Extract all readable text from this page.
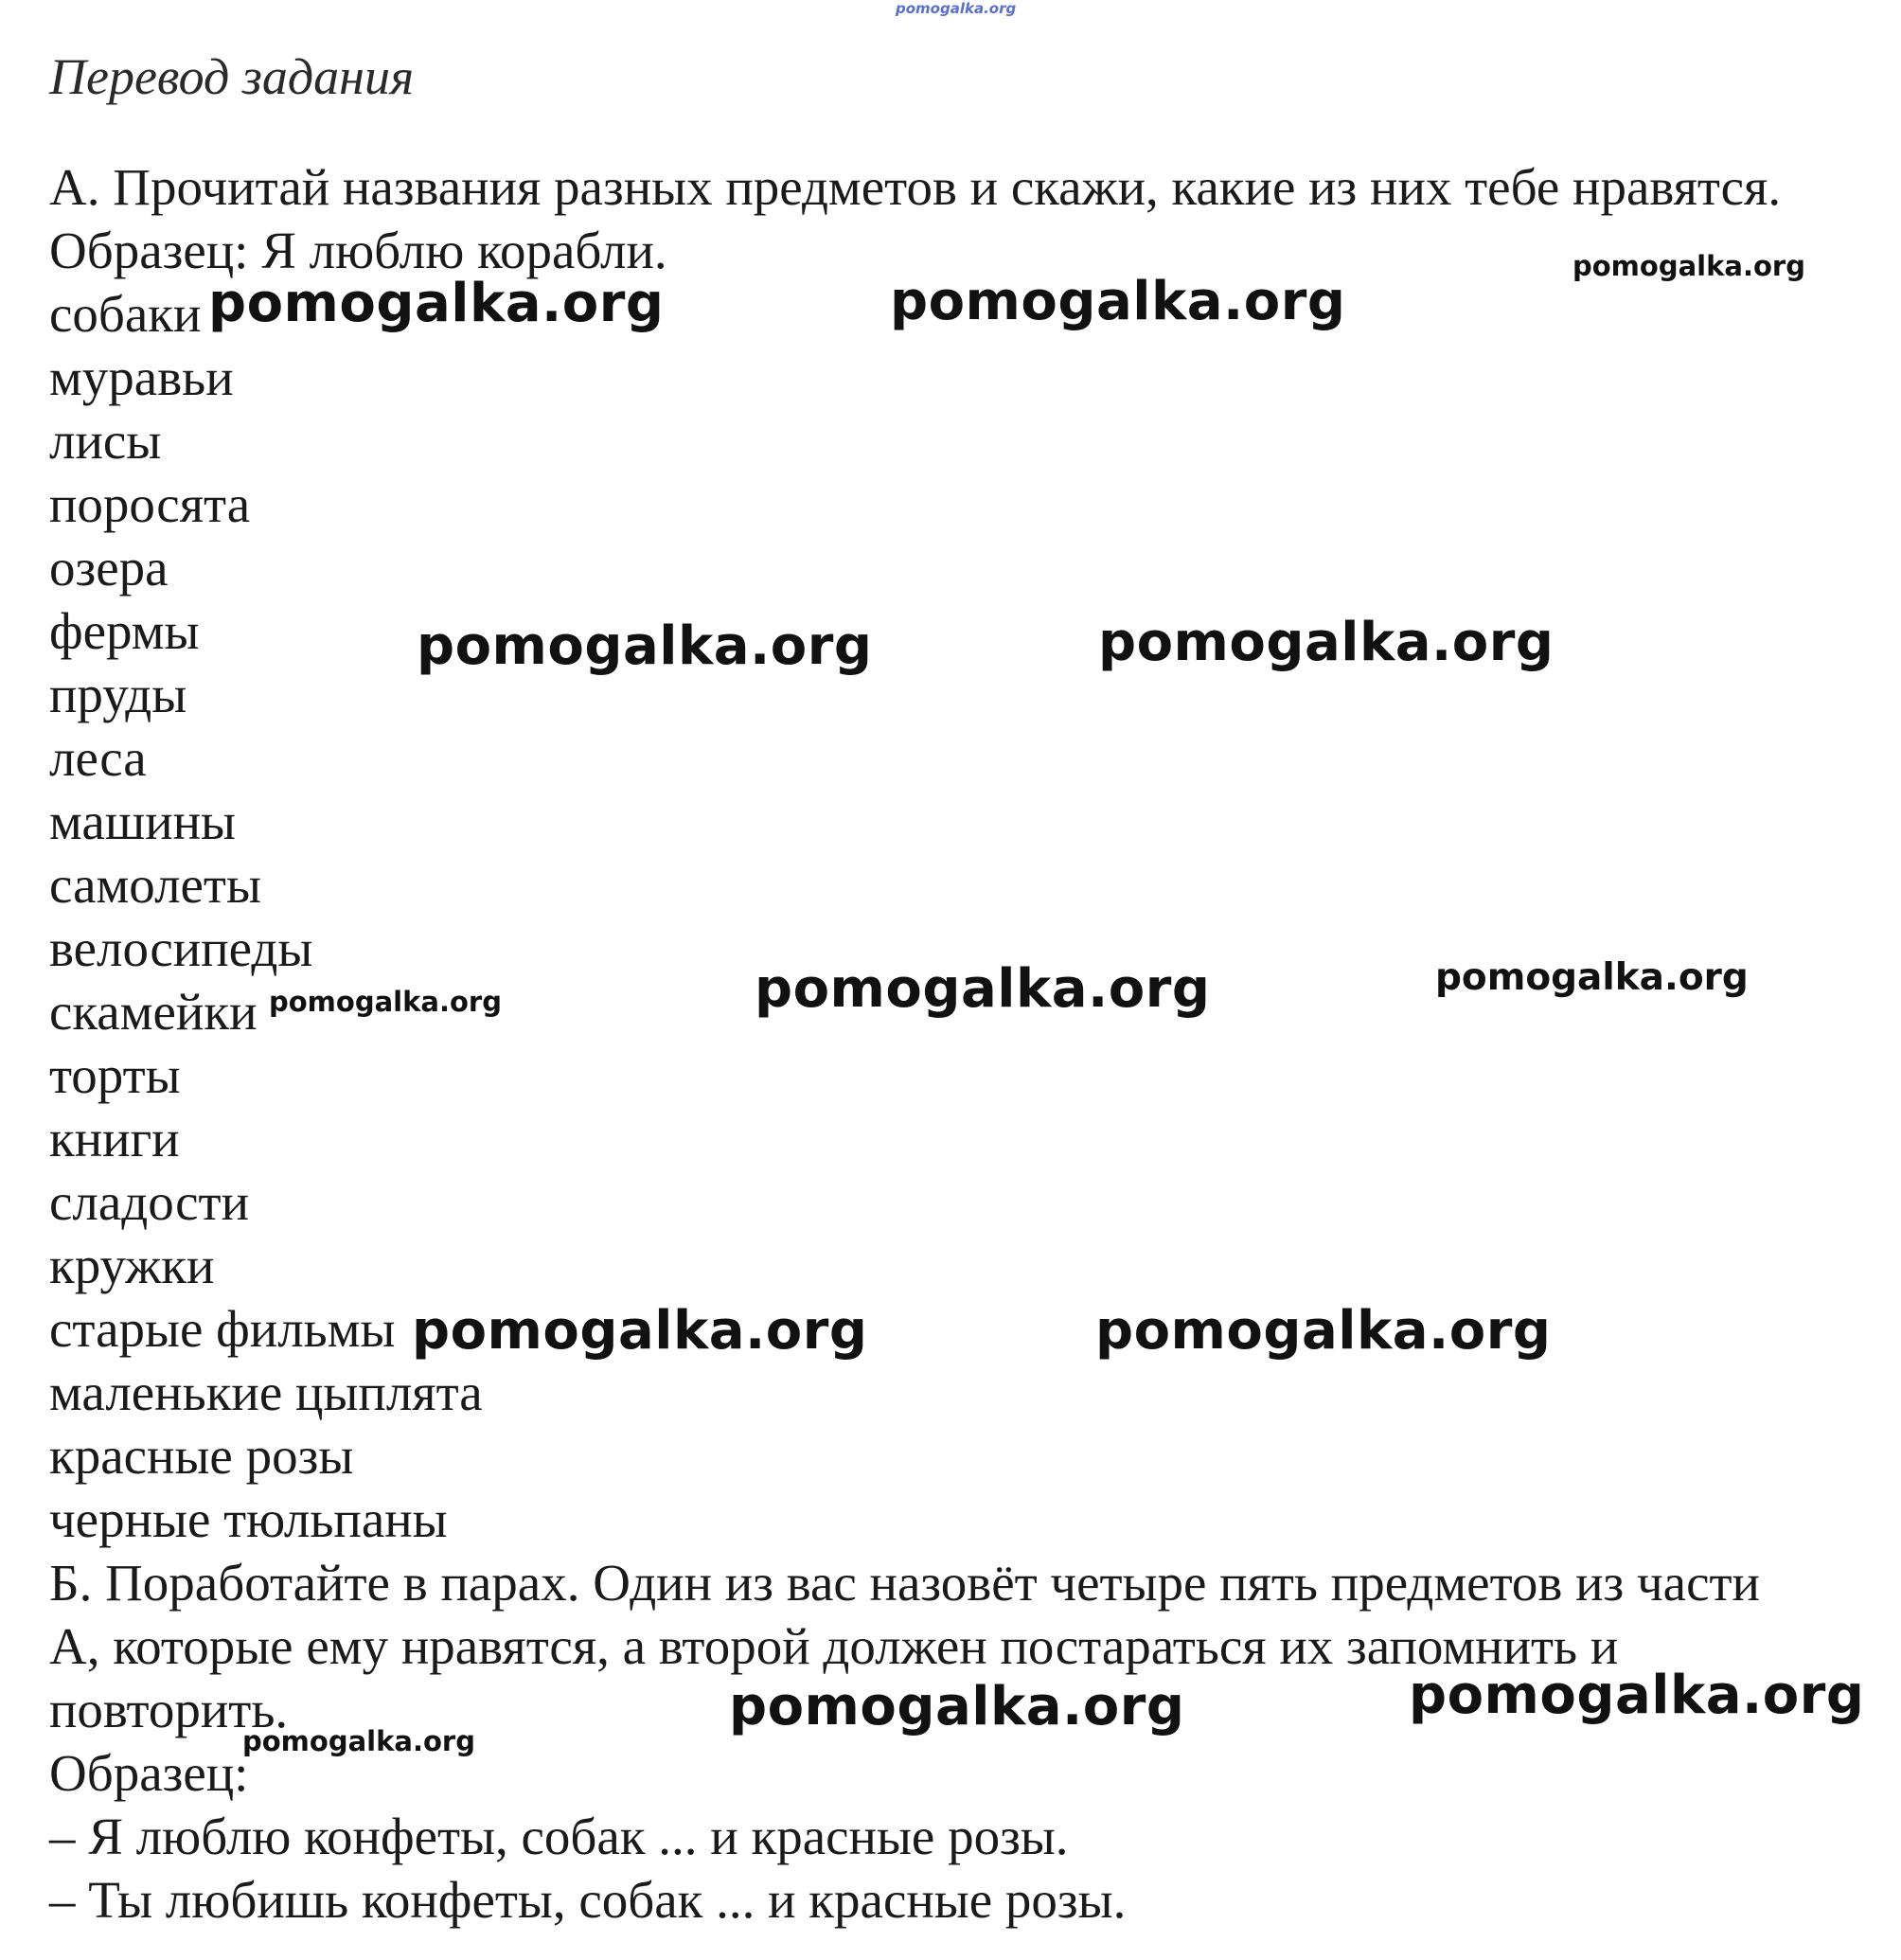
Перевод задания
А. Прочитай названия разных предметов и скажи, какие из них тебе нравятся.
Образец: Я люблю корабли.
собаки
муравьи
лисы
поросята
озера
фермы
пруды
леса
машины
самолеты
велосипеды
скамейки
торты
книги
сладости
кружки
старые фильмы
маленькие цыплята
красные розы
черные тюльпаны
Б. Поработайте в парах. Один из вас назовёт четыре пять предметов из части
А, которые ему нравятся, а второй должен постараться их запомнить и
повторить.
Образец:
– Я люблю конфеты, собак ... и красные розы.
– Ты любишь конфеты, собак ... и красные розы.
pomogalka.org
pomogalka.org
pomogalka.org	pomogalka.org
pomogalka.org	pomogalka.org
pomogalka.org	pomogalka.org	pomogalka.org
pomogalka.org	pomogalka.org
pomogalka.org	pomogalka.org
pomogalka.org
